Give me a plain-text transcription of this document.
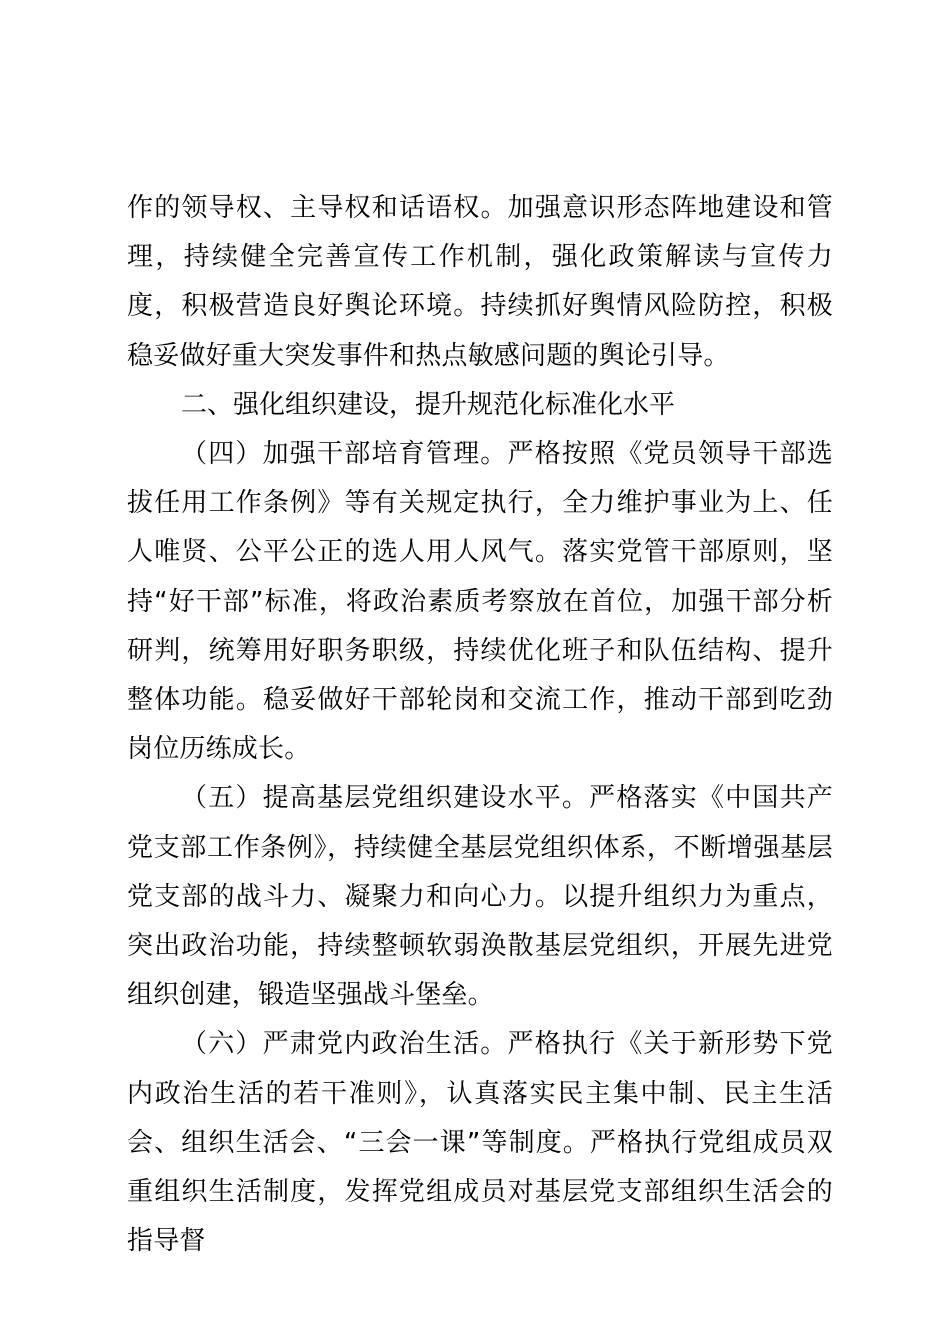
作的领导权、主导权和话语权。加强意识形态阵地建设和管理，持续健全完善宣传工作机制，强化政策解读与宣传力度，积极营造良好舆论环境。持续抓好舆情风险防控，积极稳妥做好重大突发事件和热点敏感问题的舆论引导。

二、强化组织建设，提升规范化标准化水平

（四）加强干部培育管理。严格按照《党员领导干部选拔任用工作条例》等有关规定执行，全力维护事业为上、任人唯贤、公平公正的选人用人风气。落实党管干部原则，坚持“好干部”标准，将政治素质考察放在首位，加强干部分析研判，统筹用好职务职级，持续优化班子和队伍结构、提升整体功能。稳妥做好干部轮岗和交流工作，推动干部到吃劲岗位历练成长。

（五）提高基层党组织建设水平。严格落实《中国共产党支部工作条例》，持续健全基层党组织体系，不断增强基层党支部的战斗力、凝聚力和向心力。以提升组织力为重点，突出政治功能，持续整顿软弱涣散基层党组织，开展先进党组织创建，锻造坚强战斗堡垒。

（六）严肃党内政治生活。严格执行《关于新形势下党内政治生活的若干准则》，认真落实民主集中制、民主生活会、组织生活会、“三会一课”等制度。严格执行党组成员双重组织生活制度，发挥党组成员对基层党支部组织生活会的指导督
